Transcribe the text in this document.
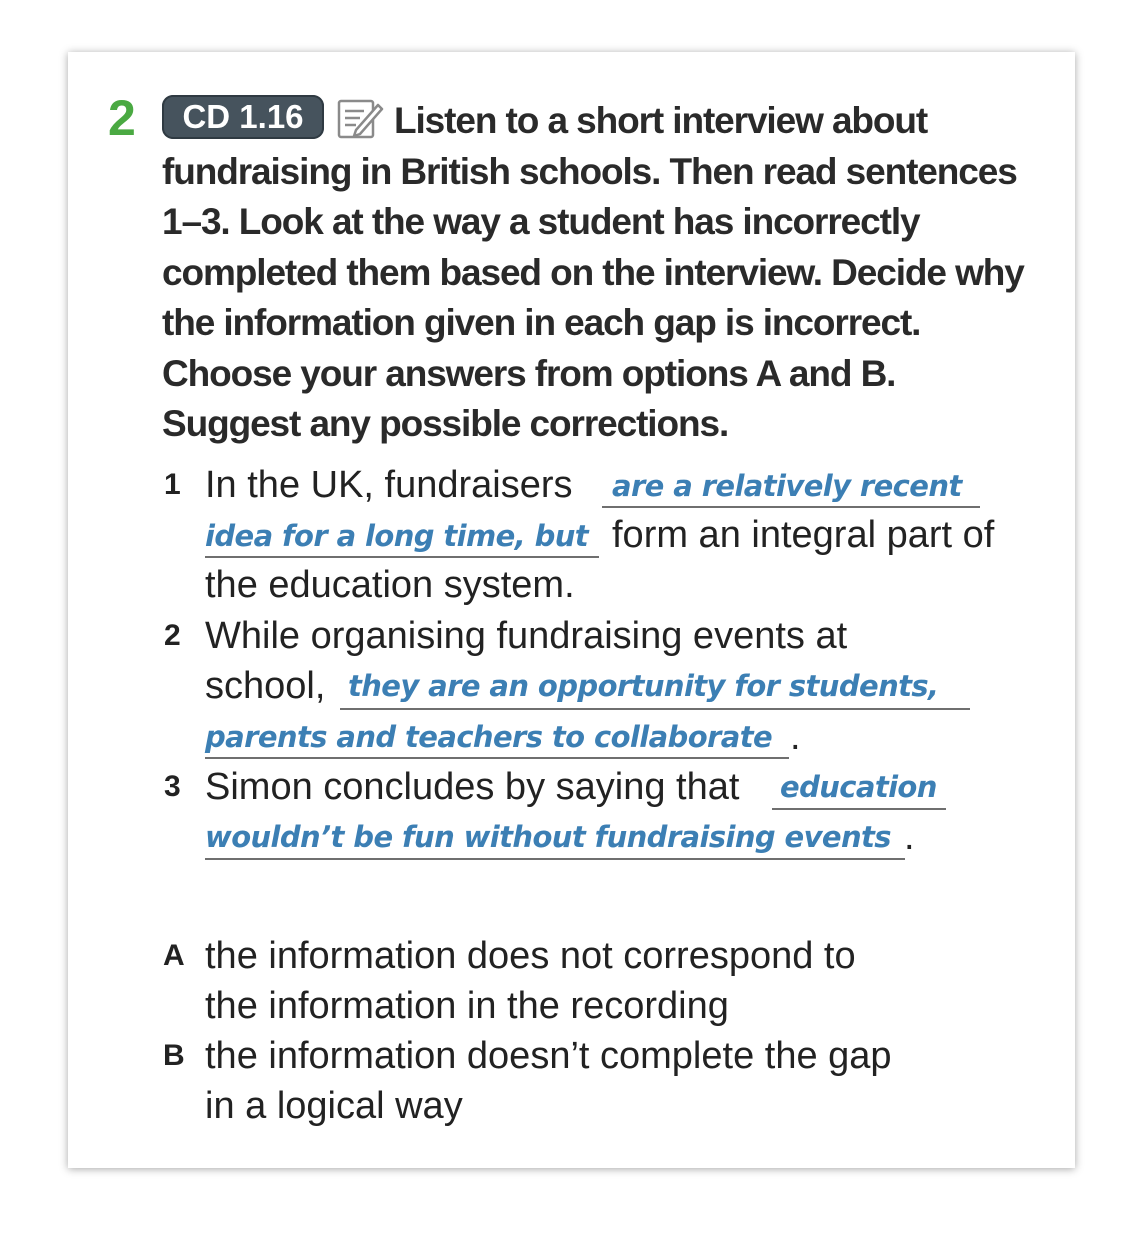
2	CD 1.16	Listen to a short interview about fundraising in British schools. Then read sentences 1–3. Look at the way a student has incorrectly completed them based on the interview. Decide why the information given in each gap is incorrect. Choose your answers from options A and B. Suggest any possible corrections.
1 In the UK, fundraisers are a relatively recent
idea for a long time, but form an integral part of
the education system.
2 While organising fundraising events at
school, they are an opportunity for students,
parents and teachers to collaborate .
3 Simon concludes by saying that education
wouldn’t be fun without fundraising events .
A the information does not correspond to
the information in the recording
B the information doesn’t complete the gap
in a logical way
